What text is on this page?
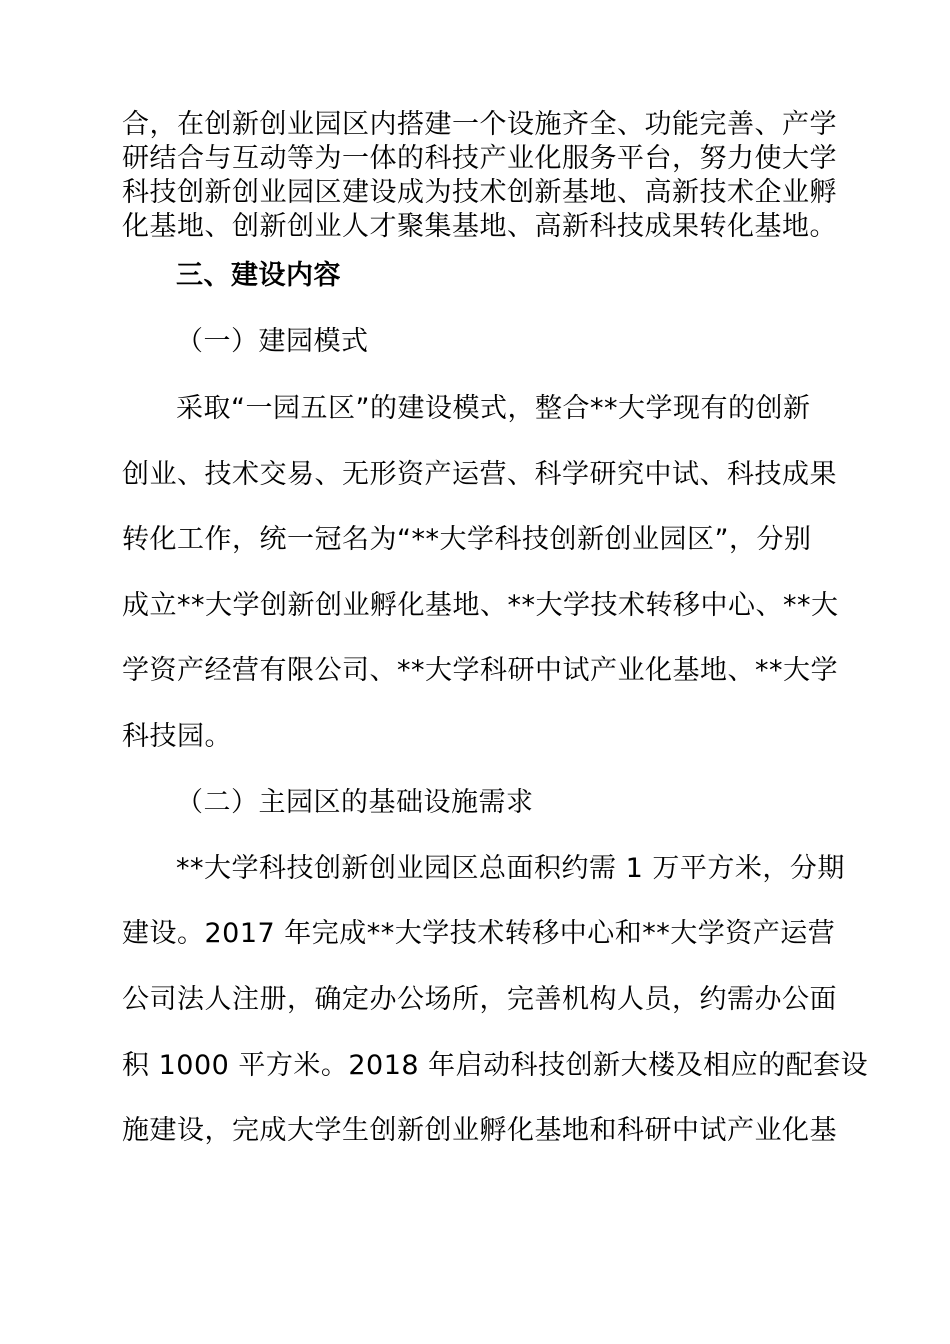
合，在创新创业园区内搭建一个设施齐全、功能完善、产学
研结合与互动等为一体的科技产业化服务平台，努力使大学
科技创新创业园区建设成为技术创新基地、高新技术企业孵
化基地、创新创业人才聚集基地、高新科技成果转化基地。
三、建设内容
（一）建园模式
采取“一园五区”的建设模式，整合**大学现有的创新
创业、技术交易、无形资产运营、科学研究中试、科技成果
转化工作，统一冠名为“**大学科技创新创业园区”，分别
成立**大学创新创业孵化基地、**大学技术转移中心、**大
学资产经营有限公司、**大学科研中试产业化基地、**大学
科技园。
（二）主园区的基础设施需求
**大学科技创新创业园区总面积约需 1 万平方米，分期
建设。2017 年完成**大学技术转移中心和**大学资产运营
公司法人注册，确定办公场所，完善机构人员，约需办公面
积 1000 平方米。2018 年启动科技创新大楼及相应的配套设
施建设，完成大学生创新创业孵化基地和科研中试产业化基
